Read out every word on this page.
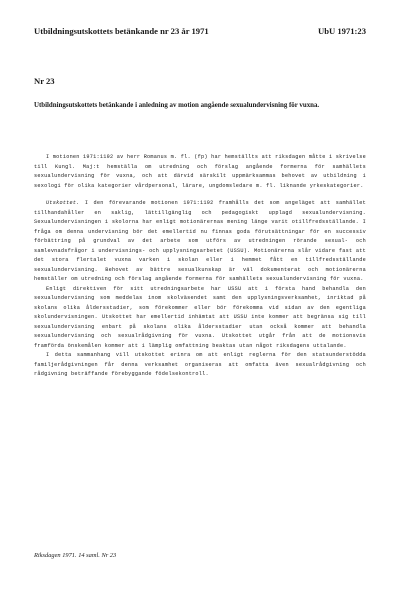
Utbildningsutskottets betänkande nr 23 år 1971	UbU 1971:23
Nr 23
Utbildningsutskottets betänkande i anledning av motion angående sexualundervisning för vuxna.

I motionen 1971:1192 av herr Romanus m. fl. (fp) har hemställts att riksdagen måtte i skrivelse till Kungl. Maj:t hemställa om utredning och förslag angående formerna för samhällets sexualundervisning för vuxna, och att därvid särskilt uppmärksammas behovet av utbildning i sexologi för olika kategorier vårdpersonal, lärare, ungdomsledare m. fl. liknande yrkeskategorier.

Utskottet. I den förevarande motionen 1971:1192 framhålls det som angeläget att samhället tillhandahåller en saklig, lättillgänglig och pedagogiskt upplagd sexualundervisning. Sexualundervisningen i skolorna har enligt motionärernas mening länge varit otillfredsställande. I fråga om denna undervisning bör det emellertid nu finnas goda förutsättningar för en successiv förbättring på grundval av det arbete som utförs av utredningen rörande sexual- och samlevnadsfrågor i undervisnings- och upplysningsarbetet (USSU). Motionärerna slår vidare fast att det stora flertalet vuxna varken i skolan eller i hemmet fått en tillfredsställande sexualundervisning. Behovet av bättre sexualkunskap är väl dokumenterat och motionärerna hemställer om utredning och förslag angående formerna för samhällets sexualundervisning för vuxna.

Enligt direktiven för sitt utredningsarbete har USSU att i första hand behandla den sexualundervisning som meddelas inom skolväsendet samt den upplysningsverksamhet, inriktad på skolans olika åldersstadier, som förekommer eller bör förekomma vid sidan av den egentliga skolundervisningen. Utskottet har emellertid inhämtat att USSU inte kommer att begränsa sig till sexualundervisning enbart på skolans olika åldersstadier utan också kommer att behandla sexualundervisning och sexualrådgivning för vuxna. Utskottet utgår från att de motionsvis framförda önskemålen kommer att i lämplig omfattning beaktas utan något riksdagens uttalande.

I detta sammanhang vill utskottet erinra om att enligt reglerna för den statsunderstödda familjerådgivningen får denna verksamhet organiseras att omfatta även sexualrådgivning och rådgivning beträffande förebyggande födelsekontroll.

Riksdagen 1971. 14 saml. Nr 23
